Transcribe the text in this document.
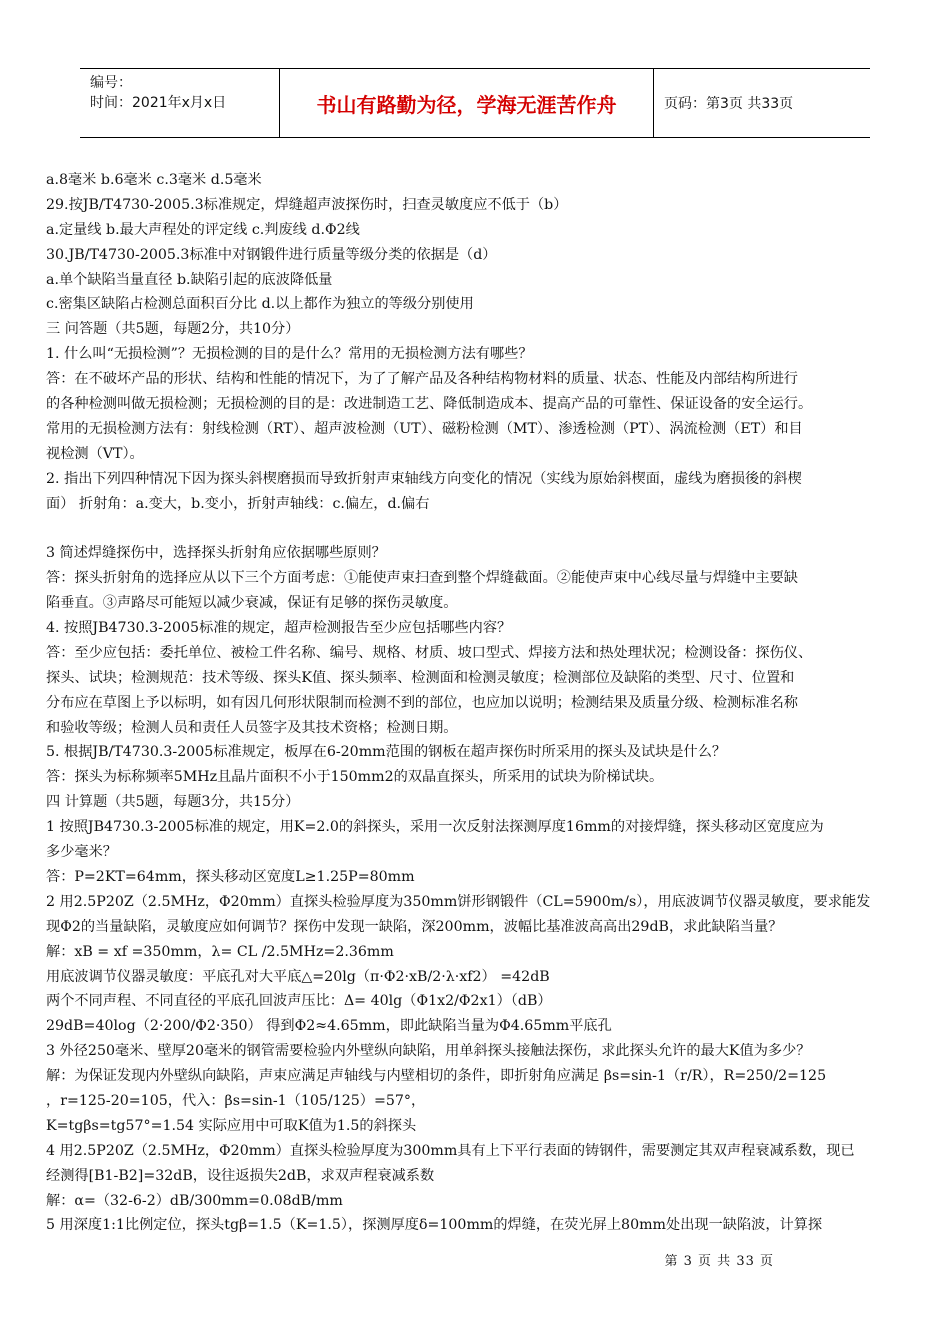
编号：
时间：2021年x月x日	书山有路勤为径，学海无涯苦作舟	页码：第3页 共33页
a.8毫米 b.6毫米 c.3毫米 d.5毫米
29.按JB/T4730-2005.3标准规定，焊缝超声波探伤时，扫查灵敏度应不低于（b）
a.定量线 b.最大声程处的评定线 c.判废线 d.Φ2线
30.JB/T4730-2005.3标准中对钢锻件进行质量等级分类的依据是（d）
a.单个缺陷当量直径 b.缺陷引起的底波降低量
c.密集区缺陷占检测总面积百分比 d.以上都作为独立的等级分别使用
三 问答题（共5题，每题2分，共10分）
1. 什么叫“无损检测”？无损检测的目的是什么？常用的无损检测方法有哪些？
答：在不破坏产品的形状、结构和性能的情况下，为了了解产品及各种结构物材料的质量、状态、性能及内部结构所进行
的各种检测叫做无损检测；无损检测的目的是：改进制造工艺、降低制造成本、提高产品的可靠性、保证设备的安全运行。
常用的无损检测方法有：射线检测（RT）、超声波检测（UT）、磁粉检测（MT）、渗透检测（PT）、涡流检测（ET）和目
视检测（VT）。
2. 指出下列四种情况下因为探头斜楔磨损而导致折射声束轴线方向变化的情况（实线为原始斜楔面，虚线为磨损後的斜楔
面） 折射角：a.变大，b.变小，折射声轴线：c.偏左，d.偏右
3 简述焊缝探伤中，选择探头折射角应依据哪些原则？
答：探头折射角的选择应从以下三个方面考虑：①能使声束扫查到整个焊缝截面。②能使声束中心线尽量与焊缝中主要缺
陷垂直。③声路尽可能短以减少衰减，保证有足够的探伤灵敏度。
4. 按照JB4730.3-2005标准的规定，超声检测报告至少应包括哪些内容？
答：至少应包括：委托单位、被检工件名称、编号、规格、材质、坡口型式、焊接方法和热处理状况；检测设备：探伤仪、
探头、试块；检测规范：技术等级、探头K值、探头频率、检测面和检测灵敏度；检测部位及缺陷的类型、尺寸、位置和
分布应在草图上予以标明，如有因几何形状限制而检测不到的部位，也应加以说明；检测结果及质量分级、检测标准名称
和验收等级；检测人员和责任人员签字及其技术资格；检测日期。
5. 根据JB/T4730.3-2005标准规定，板厚在6-20mm范围的钢板在超声探伤时所采用的探头及试块是什么？
答：探头为标称频率5MHz且晶片面积不小于150mm2的双晶直探头，所采用的试块为阶梯试块。
四 计算题（共5题，每题3分，共15分）
1 按照JB4730.3-2005标准的规定，用K=2.0的斜探头，采用一次反射法探测厚度16mm的对接焊缝，探头移动区宽度应为
多少毫米？
答：P=2KT=64mm，探头移动区宽度L≥1.25P=80mm
2 用2.5P20Z（2.5MHz，Φ20mm）直探头检验厚度为350mm饼形钢锻件（CL=5900m/s），用底波调节仪器灵敏度，要求能发
现Φ2的当量缺陷，灵敏度应如何调节？探伤中发现一缺陷，深200mm，波幅比基准波高高出29dB，求此缺陷当量？
解：xB = xf =350mm，λ= CL /2.5MHz=2.36mm
用底波调节仪器灵敏度：平底孔对大平底△=20lg（π·Φ2·xB/2·λ·xf2） =42dB
两个不同声程、不同直径的平底孔回波声压比：Δ= 40lg（Φ1x2/Φ2x1）（dB）
29dB=40log（2·200/Φ2·350） 得到Φ2≈4.65mm，即此缺陷当量为Φ4.65mm平底孔
3 外径250毫米、壁厚20毫米的钢管需要检验内外壁纵向缺陷，用单斜探头接触法探伤，求此探头允许的最大K值为多少？
解：为保证发现内外壁纵向缺陷，声束应满足声轴线与内壁相切的条件，即折射角应满足 βs=sin-1（r/R），R=250/2=125
，r=125-20=105，代入：βs=sin-1（105/125）=57°，
K=tgβs=tg57°=1.54 实际应用中可取K值为1.5的斜探头
4 用2.5P20Z（2.5MHz，Φ20mm）直探头检验厚度为300mm具有上下平行表面的铸钢件，需要测定其双声程衰减系数，现已
经测得[B1-B2]=32dB，设往返损失2dB，求双声程衰减系数
解：α=（32-6-2）dB/300mm=0.08dB/mm
5 用深度1:1比例定位，探头tgβ=1.5（K=1.5），探测厚度δ=100mm的焊缝，在荧光屏上80mm处出现一缺陷波，计算探
第 3 页 共 33 页
